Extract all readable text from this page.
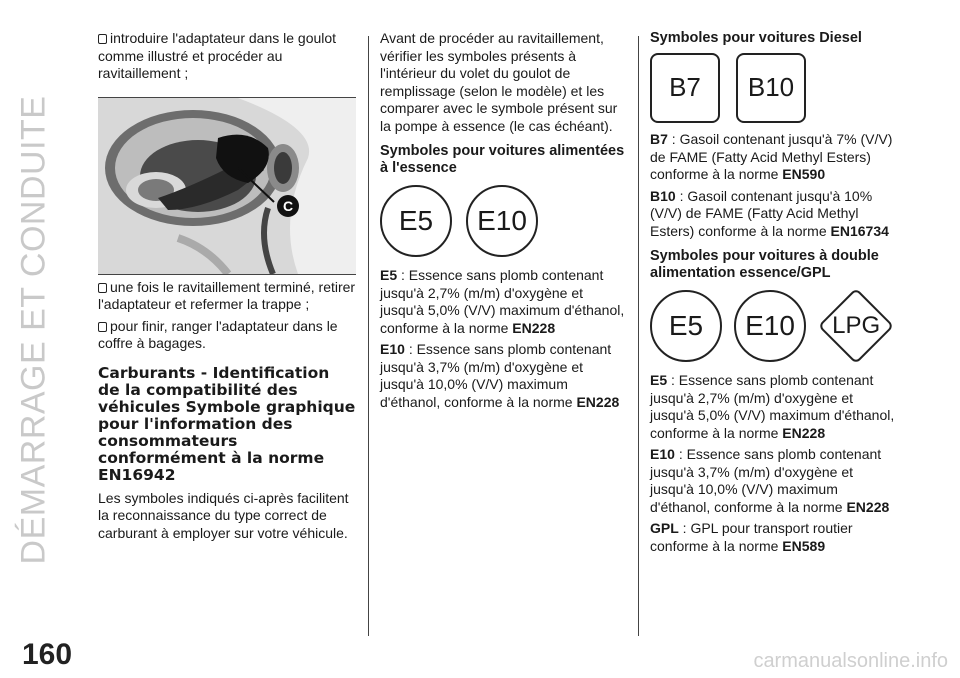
DÉMARRAGE ET CONDUITE
160	carmanualsonline.info

introduire l'adaptateur dans le goulot comme illustré et procéder au ravitaillement ;

C

une fois le ravitaillement terminé, retirer l'adaptateur et refermer la trappe ;

pour finir, ranger l'adaptateur dans le coffre à bagages.

Carburants - Identification de la compatibilité des véhicules Symbole graphique pour l'information des consommateurs conformément à la norme EN16942

Les symboles indiqués ci-après facilitent la reconnaissance du type correct de carburant à employer sur votre véhicule.

Avant de procéder au ravitaillement, vérifier les symboles présents à l'intérieur du volet du goulot de remplissage (selon le modèle) et les comparer avec le symbole présent sur la pompe à essence (le cas échéant).

Symboles pour voitures alimentées à l'essence
E5	E10

E5 : Essence sans plomb contenant jusqu'à 2,7% (m/m) d'oxygène et jusqu'à 5,0% (V/V) maximum d'éthanol, conforme à la norme EN228

E10 : Essence sans plomb contenant jusqu'à 3,7% (m/m) d'oxygène et jusqu'à 10,0% (V/V) maximum d'éthanol, conforme à la norme EN228

Symboles pour voitures Diesel
B7	B10

B7 : Gasoil contenant jusqu'à 7% (V/V) de FAME (Fatty Acid Methyl Esters) conforme à la norme EN590

B10 : Gasoil contenant jusqu'à 10% (V/V) de FAME (Fatty Acid Methyl Esters) conforme à la norme EN16734

Symboles pour voitures à double alimentation essence/GPL
E5	E10	LPG

E5 : Essence sans plomb contenant jusqu'à 2,7% (m/m) d'oxygène et jusqu'à 5,0% (V/V) maximum d'éthanol, conforme à la norme EN228

E10 : Essence sans plomb contenant jusqu'à 3,7% (m/m) d'oxygène et jusqu'à 10,0% (V/V) maximum d'éthanol, conforme à la norme EN228

GPL : GPL pour transport routier conforme à la norme EN589
